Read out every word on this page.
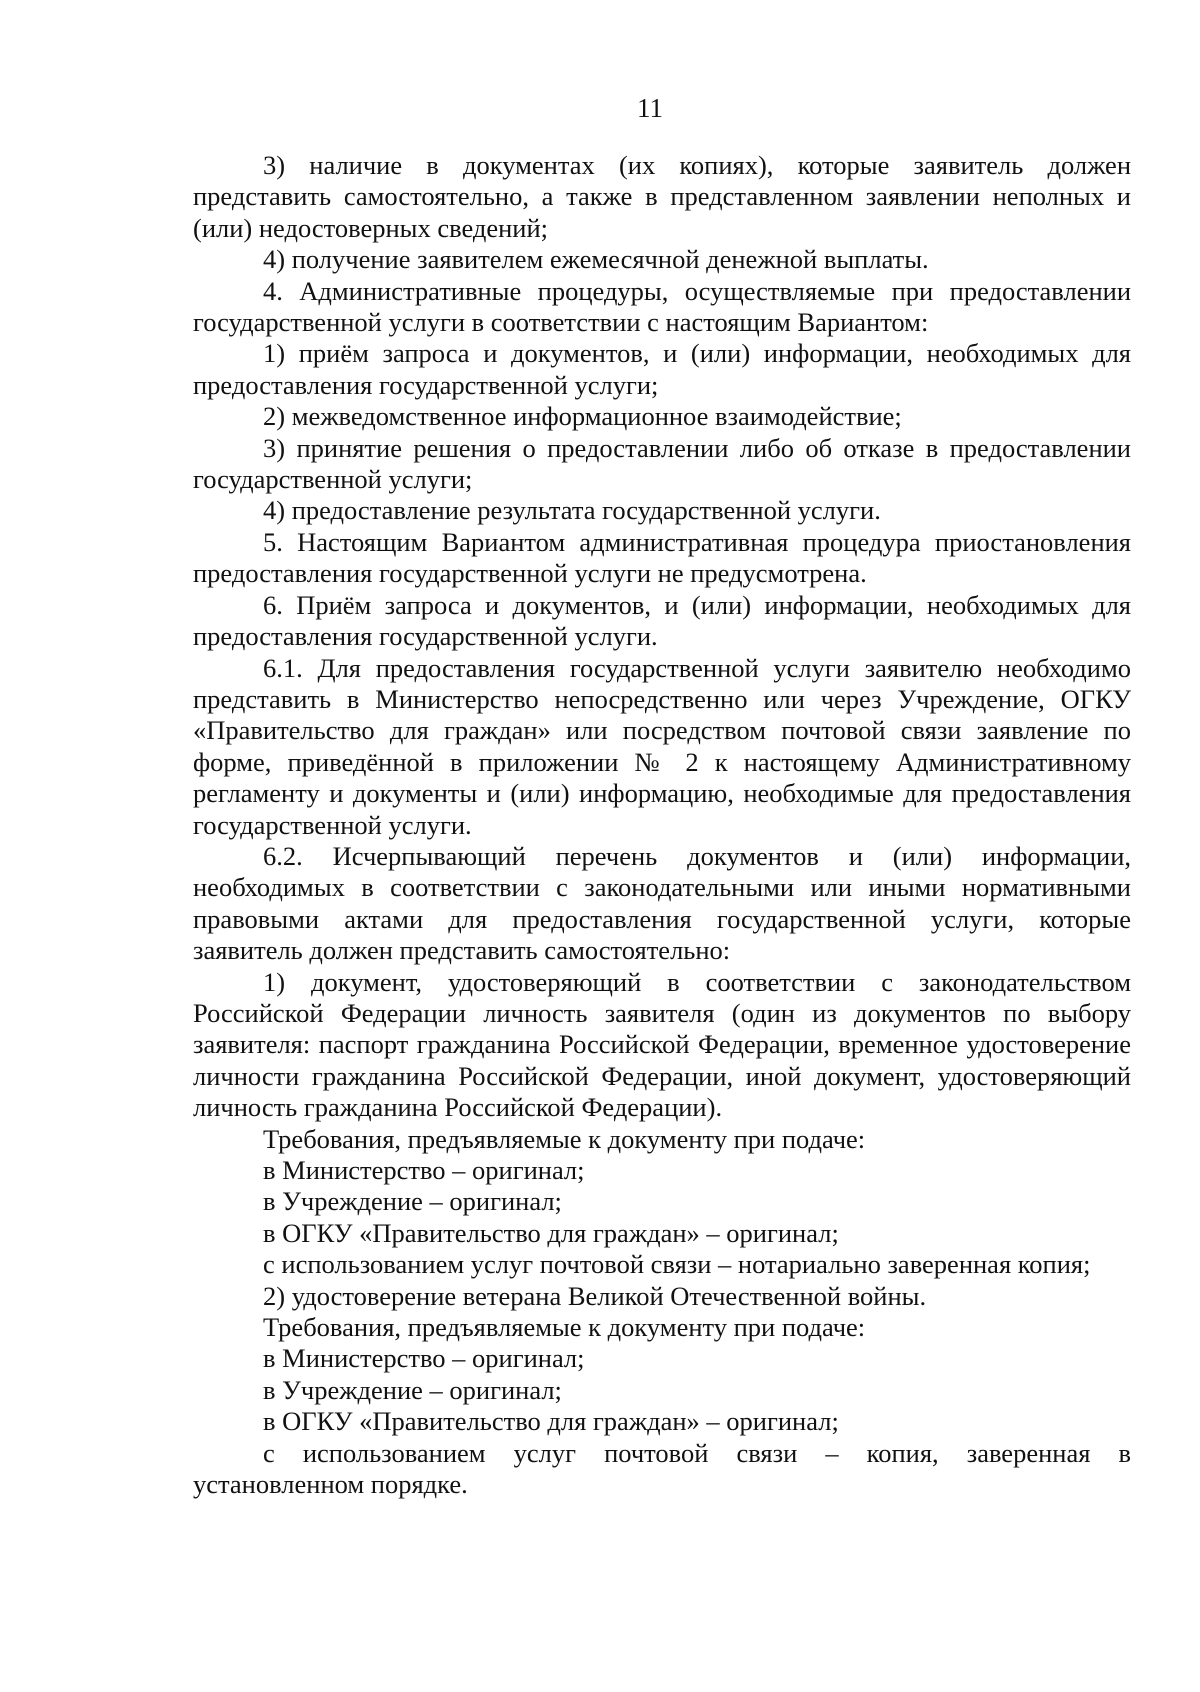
11

3) наличие в документах (их копиях), которые заявитель должен представить самостоятельно, а также в представленном заявлении неполных и (или) недостоверных сведений;

4) получение заявителем ежемесячной денежной выплаты.

4. Административные процедуры, осуществляемые при предоставлении государственной услуги в соответствии с настоящим Вариантом:

1) приём запроса и документов, и (или) информации, необходимых для предоставления государственной услуги;

2) межведомственное информационное взаимодействие;

3) принятие решения о предоставлении либо об отказе в предоставлении государственной услуги;

4) предоставление результата государственной услуги.

5. Настоящим Вариантом административная процедура приостановления предоставления государственной услуги не предусмотрена.

6. Приём запроса и документов, и (или) информации, необходимых для предоставления государственной услуги.

6.1. Для предоставления государственной услуги заявителю необходимо представить в Министерство непосредственно или через Учреждение, ОГКУ «Правительство для граждан» или посредством почтовой связи заявление по форме, приведённой в приложении № 2 к настоящему Административному регламенту и документы и (или) информацию, необходимые для предоставления государственной услуги.

6.2. Исчерпывающий перечень документов и (или) информации, необходимых в соответствии с законодательными или иными нормативными правовыми актами для предоставления государственной услуги, которые заявитель должен представить самостоятельно:

1) документ, удостоверяющий в соответствии с законодательством Российской Федерации личность заявителя (один из документов по выбору заявителя: паспорт гражданина Российской Федерации, временное удостоверение личности гражданина Российской Федерации, иной документ, удостоверяющий личность гражданина Российской Федерации).

Требования, предъявляемые к документу при подаче:

в Министерство – оригинал;

в Учреждение – оригинал;

в ОГКУ «Правительство для граждан» – оригинал;

с использованием услуг почтовой связи – нотариально заверенная копия;

2) удостоверение ветерана Великой Отечественной войны.

Требования, предъявляемые к документу при подаче:

в Министерство – оригинал;

в Учреждение – оригинал;

в ОГКУ «Правительство для граждан» – оригинал;

с использованием услуг почтовой связи – копия, заверенная в установленном порядке.
